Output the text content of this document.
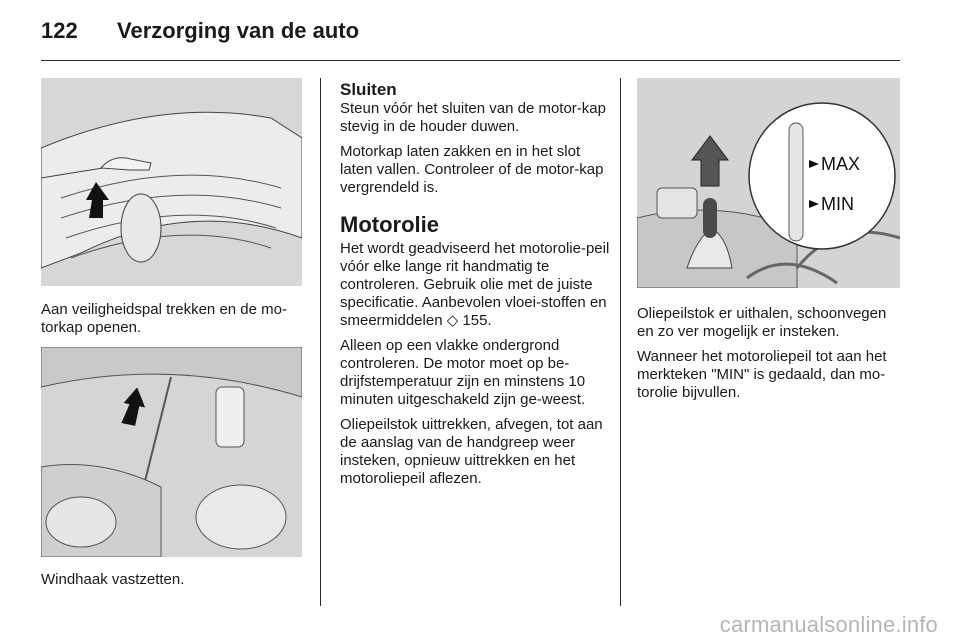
122 Verzorging van de auto
Aan veiligheidspal trekken en de mo-torkap openen.
Windhaak vastzetten.

Sluiten

Steun vóór het sluiten van de motor-kap stevig in de houder duwen.

Motorkap laten zakken en in het slot laten vallen. Controleer of de motor-kap vergrendeld is.

Motorolie

Het wordt geadviseerd het motorolie-peil vóór elke lange rit handmatig te controleren. Gebruik olie met de juiste specificatie. Aanbevolen vloei-stoffen en smeermiddelen ◇ 155.

Alleen op een vlakke ondergrond controleren. De motor moet op be-drijfstemperatuur zijn en minstens 10 minuten uitgeschakeld zijn ge-weest.

Oliepeilstok uittrekken, afvegen, tot aan de aanslag van de handgreep weer insteken, opnieuw uittrekken en het motoroliepeil aflezen.

MAX
MIN

Oliepeilstok er uithalen, schoonvegen en zo ver mogelijk er insteken.

Wanneer het motoroliepeil tot aan het merkteken "MIN" is gedaald, dan mo-torolie bijvullen.

carmanualsonline.info
